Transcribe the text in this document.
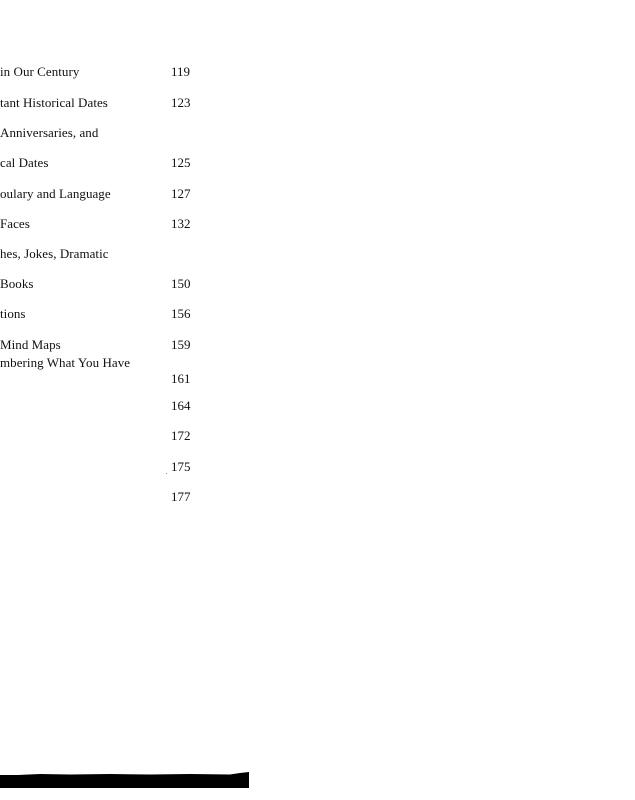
in Our Century
tant Historical Dates
Anniversaries, and
cal Dates
oulary and Language
Faces
hes, Jokes, Dramatic
Books
tions
Mind Maps
mbering What You Have
119
123
125
127
132
150
156
159
161
164
172
175
177
